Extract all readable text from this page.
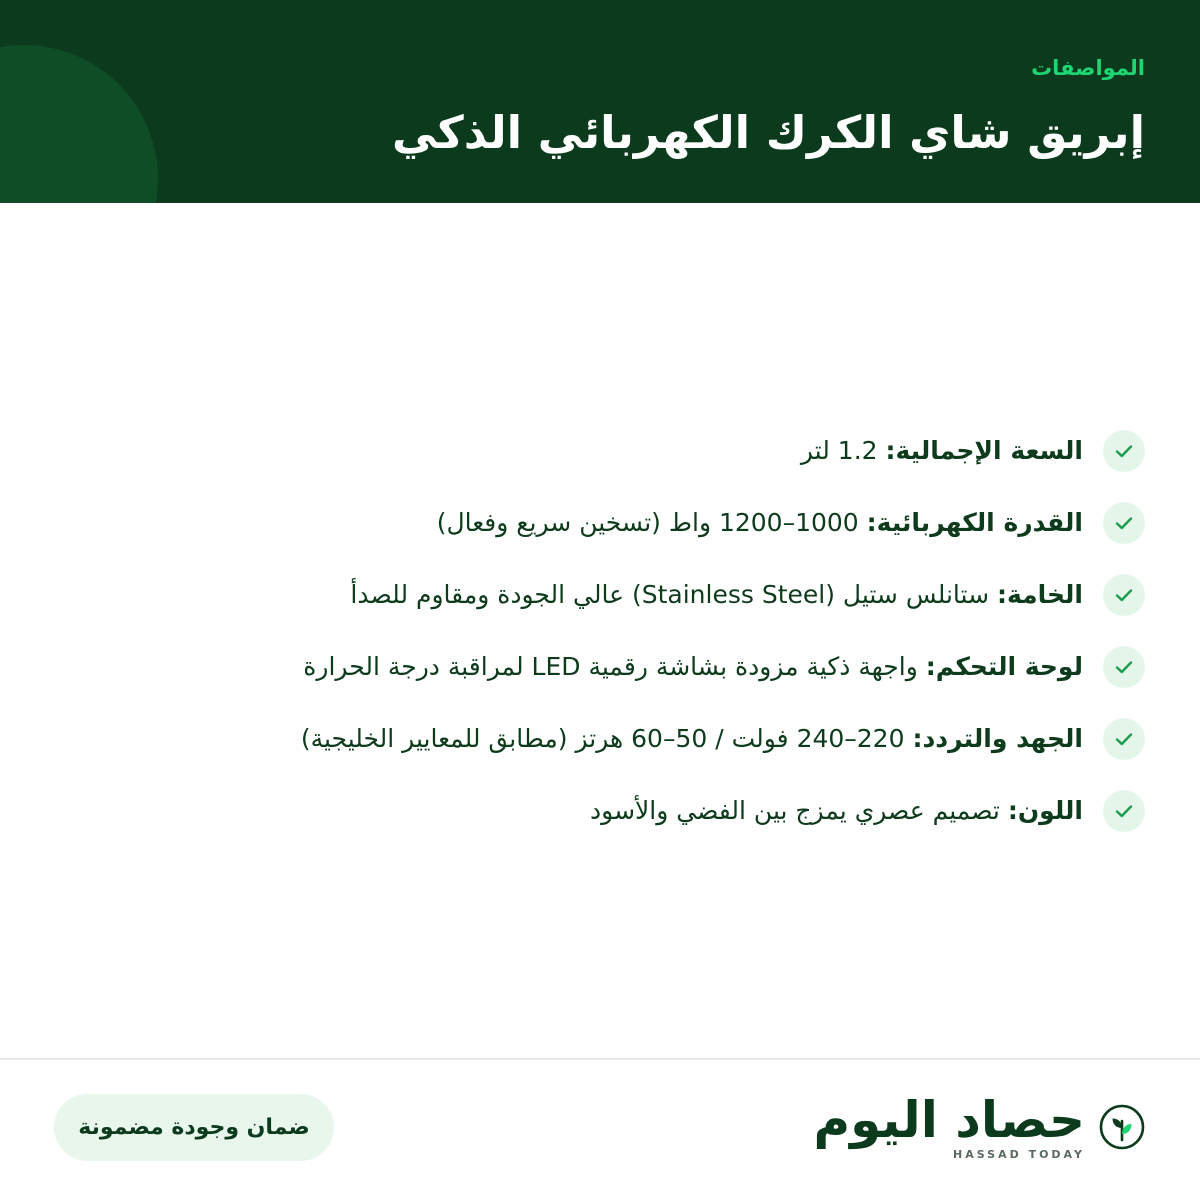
المواصفات
إبريق شاي الكرك الكهربائي الذكي
السعة الإجمالية: 1.2 لتر
القدرة الكهربائية: 1000–1200 واط (تسخين سريع وفعال)
الخامة: ستانلس ستيل (Stainless Steel) عالي الجودة ومقاوم للصدأ
لوحة التحكم: واجهة ذكية مزودة بشاشة رقمية LED لمراقبة درجة الحرارة
الجهد والتردد: 220–240 فولت / 50–60 هرتز (مطابق للمعايير الخليجية)
اللون: تصميم عصري يمزج بين الفضي والأسود
ضمان وجودة مضمونة	حصاد اليوم
HASSAD TODAY
